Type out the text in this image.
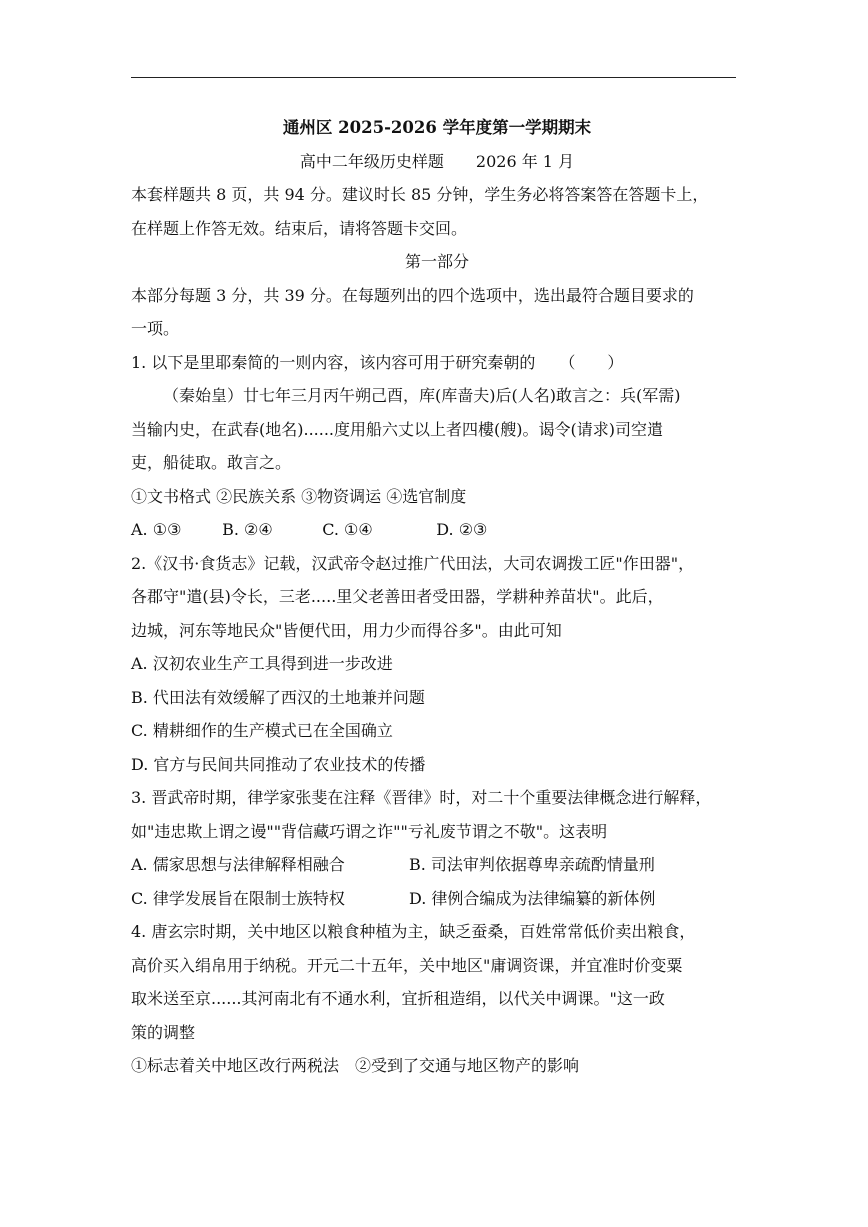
通州区 2025-2026 学年度第一学期期末
高中二年级历史样题　　2026 年 1 月
本套样题共 8 页，共 94 分。建议时长 85 分钟，学生务必将答案答在答题卡上，
在样题上作答无效。结束后，请将答题卡交回。
第一部分
本部分每题 3 分，共 39 分。在每题列出的四个选项中，选出最符合题目要求的
一项。
1. 以下是里耶秦简的一则内容，该内容可用于研究秦朝的　　（　　）
（秦始皇）廿七年三月丙午朔己酉，库(库啬夫)后(人名)敢言之：兵(军需)
当输内史，在武春(地名)......度用船六丈以上者四樓(艘)。谒令(请求)司空遣
吏，船徒取。敢言之。
①文书格式 ②民族关系 ③物资调运 ④选官制度
A. ①③	B. ②④	C. ①④	D. ②③
2.《汉书·食货志》记载，汉武帝令赵过推广代田法，大司农调拨工匠"作田器"，
各郡守"遣(县)令长，三老.....里父老善田者受田器，学耕种养苗状"。此后，
边城，河东等地民众"皆便代田，用力少而得谷多"。由此可知
A. 汉初农业生产工具得到进一步改进
B. 代田法有效缓解了西汉的土地兼并问题
C. 精耕细作的生产模式已在全国确立
D. 官方与民间共同推动了农业技术的传播
3. 晋武帝时期，律学家张斐在注释《晋律》时，对二十个重要法律概念进行解释，
如"违忠欺上谓之谩""背信藏巧谓之诈""亏礼废节谓之不敬"。这表明
A. 儒家思想与法律解释相融合	B. 司法审判依据尊卑亲疏酌情量刑
C. 律学发展旨在限制士族特权	D. 律例合编成为法律编纂的新体例
4. 唐玄宗时期，关中地区以粮食种植为主，缺乏蚕桑，百姓常常低价卖出粮食，
高价买入绢帛用于纳税。开元二十五年，关中地区"庸调资课，并宜准时价变粟
取米送至京......其河南北有不通水利，宜折租造绢，以代关中调课。"这一政
策的调整
①标志着关中地区改行两税法　②受到了交通与地区物产的影响
